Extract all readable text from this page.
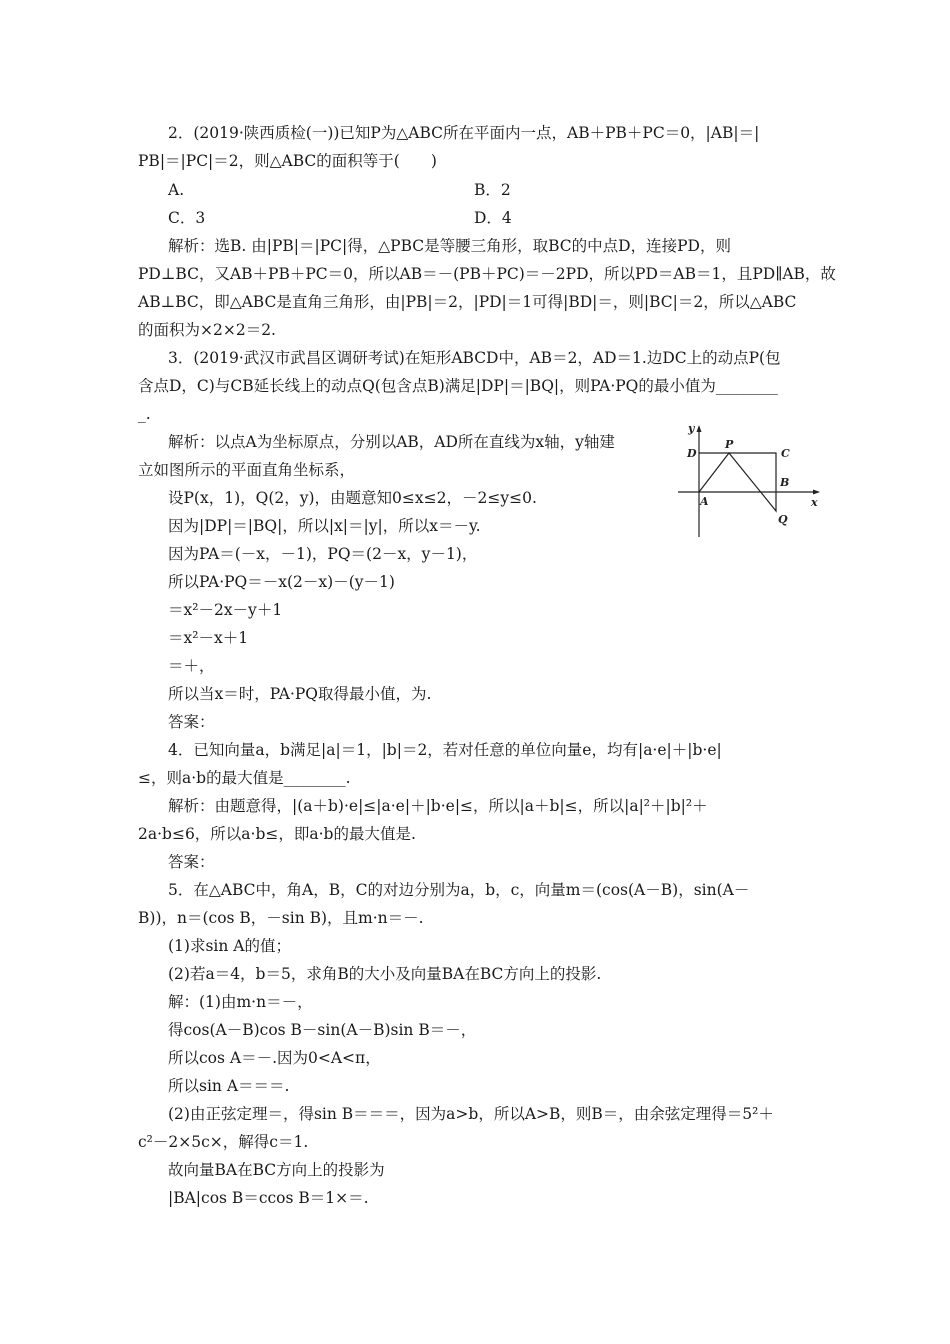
2．(2019·陕西质检(一))已知P为△ABC所在平面内一点，AB＋PB＋PC＝0，|AB|＝|
PB|＝|PC|＝2，则△ABC的面积等于(　　)
A.	B．2
C．3	D．4
解析：选B. 由|PB|＝|PC|得，△PBC是等腰三角形，取BC的中点D，连接PD，则
PD⊥BC，又AB＋PB＋PC＝0，所以AB＝－(PB＋PC)＝－2PD，所以PD＝AB＝1，且PD∥AB，故
AB⊥BC，即△ABC是直角三角形，由|PB|＝2，|PD|＝1可得|BD|＝，则|BC|＝2，所以△ABC
的面积为×2×2＝2.
3．(2019·武汉市武昌区调研考试)在矩形ABCD中，AB＝2，AD＝1.边DC上的动点P(包
含点D，C)与CB延长线上的动点Q(包含点B)满足|DP|＝|BQ|，则PA·PQ的最小值为________
_.
解析：以点A为坐标原点，分别以AB，AD所在直线为x轴，y轴建
立如图所示的平面直角坐标系，
设P(x，1)，Q(2，y)，由题意知0≤x≤2，－2≤y≤0.
因为|DP|＝|BQ|，所以|x|＝|y|，所以x＝－y.
因为PA＝(－x，－1)，PQ＝(2－x，y－1)，
所以PA·PQ＝－x(2－x)－(y－1)
＝x²－2x－y＋1
＝x²－x＋1
＝＋，
所以当x＝时，PA·PQ取得最小值，为.
答案：
4．已知向量a，b满足|a|＝1，|b|＝2，若对任意的单位向量e，均有|a·e|＋|b·e|
≤，则a·b的最大值是________.
解析：由题意得，|(a＋b)·e|≤|a·e|＋|b·e|≤，所以|a＋b|≤，所以|a|²＋|b|²＋
2a·b≤6，所以a·b≤，即a·b的最大值是.
答案：
5．在△ABC中，角A，B，C的对边分别为a，b，c，向量m＝(cos(A－B)，sin(A－
B))，n＝(cos B，－sin B)，且m·n＝－.
(1)求sin A的值；
(2)若a＝4，b＝5，求角B的大小及向量BA在BC方向上的投影.
解：(1)由m·n＝－，
得cos(A－B)cos B－sin(A－B)sin B＝－，
所以cos A＝－.因为0<A<π，
所以sin A＝＝＝.
(2)由正弦定理＝，得sin B＝＝＝，因为a>b，所以A>B，则B＝，由余弦定理得＝5²＋
c²－2×5c×，解得c＝1.
故向量BA在BC方向上的投影为
|BA|cos B＝ccos B＝1×＝.
y
x
D
P
C
B
A
Q
